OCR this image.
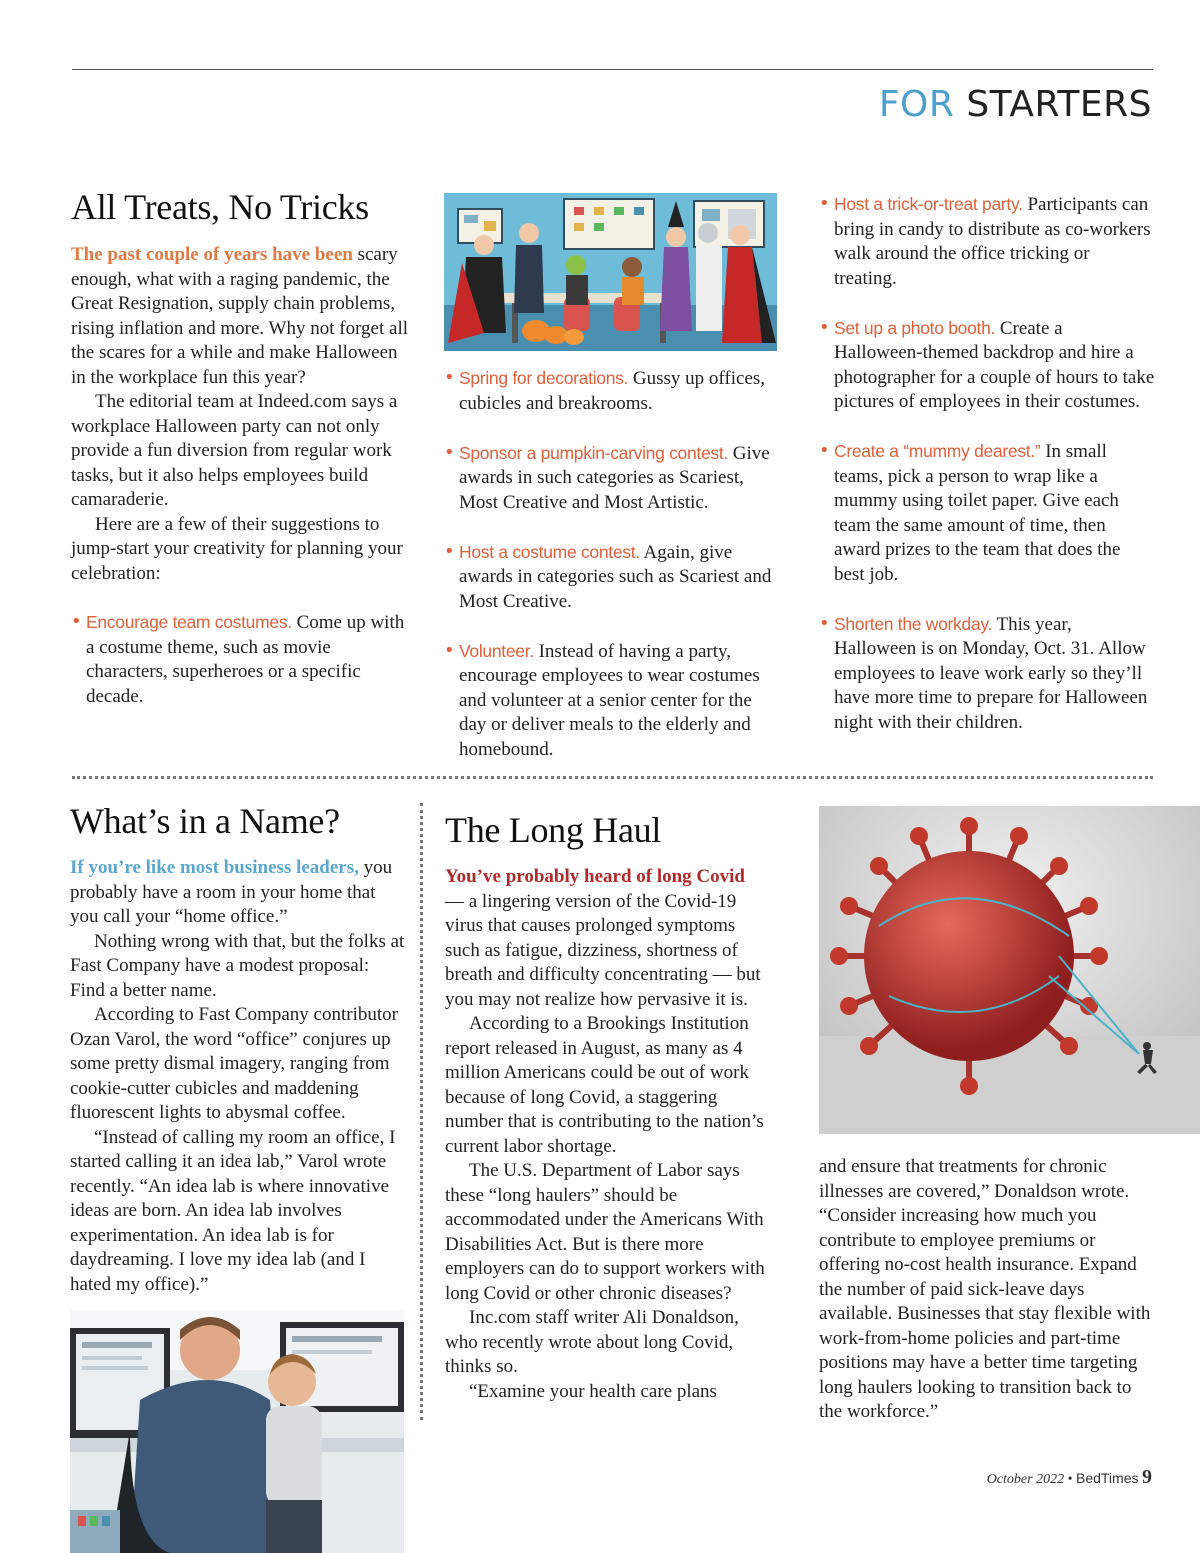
FOR STARTERS
All Treats, No Tricks

The past couple of years have been scary enough, what with a raging pandemic, the Great Resignation, supply chain problems, rising inflation and more. Why not forget all the scares for a while and make Halloween in the workplace fun this year?

The editorial team at Indeed.com says a workplace Halloween party can not only provide a fun diversion from regular work tasks, but it also helps employees build camaraderie.

Here are a few of their suggestions to jump-start your creativity for planning your celebration:

• Encourage team costumes. Come up with a costume theme, such as movie characters, superheroes or a specific decade.
• Spring for decorations. Gussy up offices, cubicles and breakrooms.
• Sponsor a pumpkin-carving contest. Give awards in such categories as Scariest, Most Creative and Most Artistic.
• Host a costume contest. Again, give awards in categories such as Scariest and Most Creative.
• Volunteer. Instead of having a party, encourage employees to wear costumes and volunteer at a senior center for the day or deliver meals to the elderly and homebound.
• Host a trick-or-treat party. Participants can bring in candy to distribute as co-workers walk around the office tricking or treating.
• Set up a photo booth. Create a Halloween-themed backdrop and hire a photographer for a couple of hours to take pictures of employees in their costumes.
• Create a “mummy dearest.” In small teams, pick a person to wrap like a mummy using toilet paper. Give each team the same amount of time, then award prizes to the team that does the best job.
• Shorten the workday. This year, Halloween is on Monday, Oct. 31. Allow employees to leave work early so they’ll have more time to prepare for Halloween night with their children.
What’s in a Name?

If you’re like most business leaders, you probably have a room in your home that you call your “home office.”

Nothing wrong with that, but the folks at Fast Company have a modest proposal: Find a better name.

According to Fast Company contributor Ozan Varol, the word “office” conjures up some pretty dismal imagery, ranging from cookie-cutter cubicles and maddening fluorescent lights to abysmal coffee.

“Instead of calling my room an office, I started calling it an idea lab,” Varol wrote recently. “An idea lab is where innovative ideas are born. An idea lab involves experimentation. An idea lab is for daydreaming. I love my idea lab (and I hated my office).”

The Long Haul

You’ve probably heard of long Covid — a lingering version of the Covid-19 virus that causes prolonged symptoms such as fatigue, dizziness, shortness of breath and difficulty concentrating — but you may not realize how pervasive it is.

According to a Brookings Institution report released in August, as many as 4 million Americans could be out of work because of long Covid, a staggering number that is contributing to the nation’s current labor shortage.

The U.S. Department of Labor says these “long haulers” should be accommodated under the Americans With Disabilities Act. But is there more employers can do to support workers with long Covid or other chronic diseases?

Inc.com staff writer Ali Donaldson, who recently wrote about long Covid, thinks so.

“Examine your health care plans

and ensure that treatments for chronic illnesses are covered,” Donaldson wrote. “Consider increasing how much you contribute to employee premiums or offering no-cost health insurance. Expand the number of paid sick-leave days available. Businesses that stay flexible with work-from-home policies and part-time positions may have a better time targeting long haulers looking to transition back to the workforce.”

October 2022 • BedTimes 9
